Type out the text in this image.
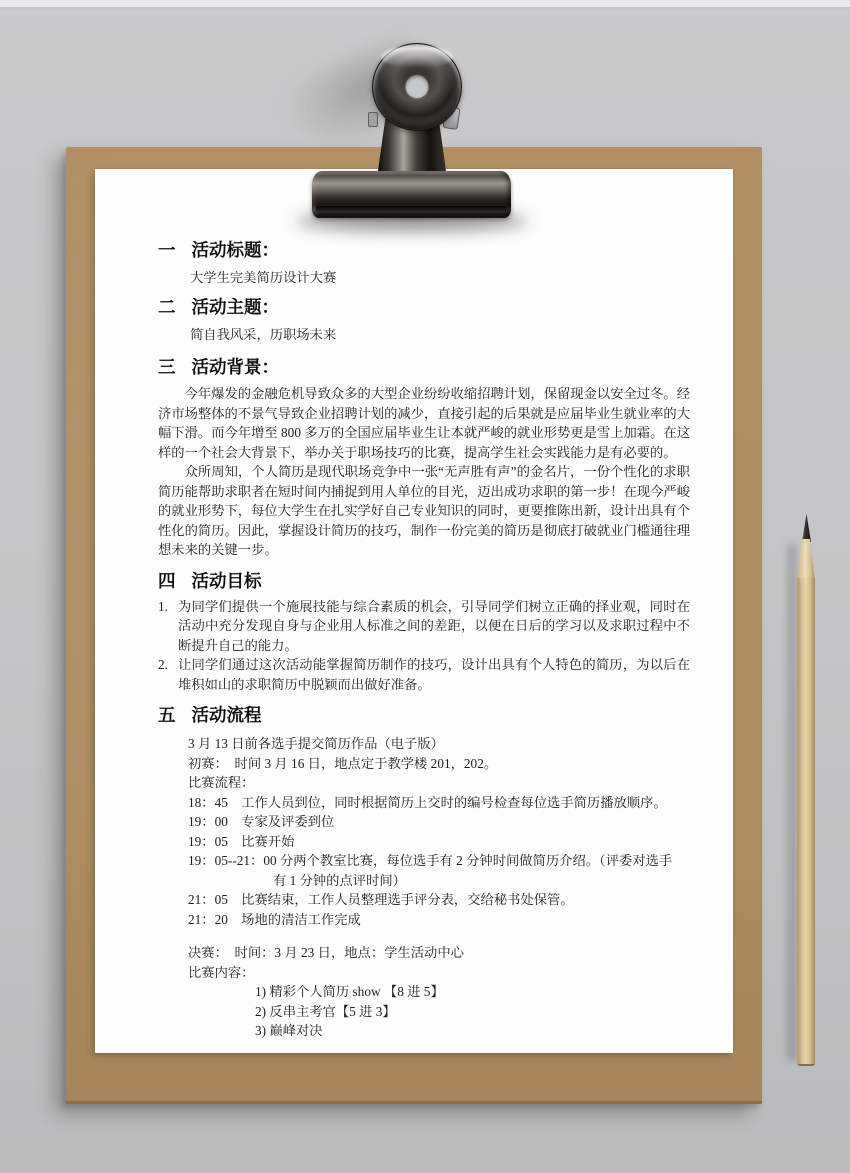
一 活动标题：
大学生完美简历设计大赛
二 活动主题：
简自我风采，历职场未来
三 活动背景：
今年爆发的金融危机导致众多的大型企业纷纷收缩招聘计划，保留现金以安全过冬。经济市场整体的不景气导致企业招聘计划的减少，直接引起的后果就是应届毕业生就业率的大幅下滑。而今年增至 800 多万的全国应届毕业生让本就严峻的就业形势更是雪上加霜。在这样的一个社会大背景下，举办关于职场技巧的比赛，提高学生社会实践能力是有必要的。
众所周知，个人简历是现代职场竞争中一张“无声胜有声”的金名片，一份个性化的求职简历能帮助求职者在短时间内捕捉到用人单位的目光，迈出成功求职的第一步！在现今严峻的就业形势下，每位大学生在扎实学好自己专业知识的同时，更要推陈出新，设计出具有个性化的简历。因此，掌握设计简历的技巧，制作一份完美的简历是彻底打破就业门槛通往理想未来的关键一步。
四 活动目标
1. 为同学们提供一个施展技能与综合素质的机会，引导同学们树立正确的择业观，同时在活动中充分发现自身与企业用人标准之间的差距，以便在日后的学习以及求职过程中不断提升自己的能力。
2. 让同学们通过这次活动能掌握简历制作的技巧，设计出具有个人特色的简历，为以后在堆积如山的求职简历中脱颖而出做好准备。
五 活动流程
3 月 13 日前各选手提交简历作品（电子版）
初赛：　时间 3 月 16 日，地点定于教学楼 201，202。
比赛流程：
18：45　工作人员到位，同时根据简历上交时的编号检查每位选手简历播放顺序。
19：00　专家及评委到位
19：05　比赛开始
19：05--21：00 分两个教室比赛，每位选手有 2 分钟时间做简历介绍。（评委对选手
有 1 分钟的点评时间）
21：05　比赛结束，工作人员整理选手评分表，交给秘书处保管。
21：20　场地的清洁工作完成
决赛：　时间：3 月 23 日，地点：学生活动中心
比赛内容：
1) 精彩个人简历 show 【8 进 5】
2) 反串主考官【5 进 3】
3) 巅峰对决
